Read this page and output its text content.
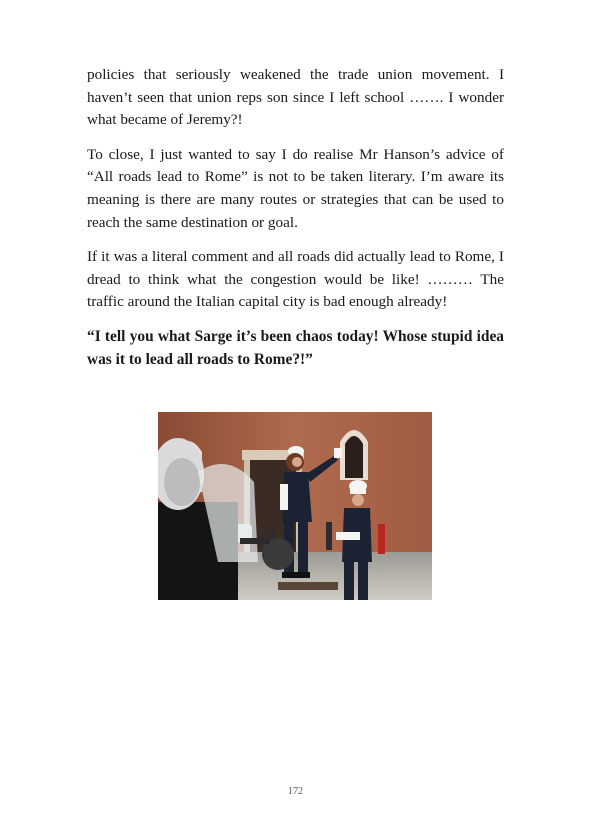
policies that seriously weakened the trade union movement. I haven’t seen that union reps son since I left school ……. I wonder what became of Jeremy?!

To close, I just wanted to say I do realise Mr Hanson’s advice of “All roads lead to Rome” is not to be taken literary. I’m aware its meaning is there are many routes or strategies that can be used to reach the same destination or goal.

If it was a literal comment and all roads did actually lead to Rome, I dread to think what the congestion would be like! ……… The traffic around the Italian capital city is bad enough already!

“I tell you what Sarge it’s been chaos today! Whose stupid idea was it to lead all roads to Rome?!”

172
